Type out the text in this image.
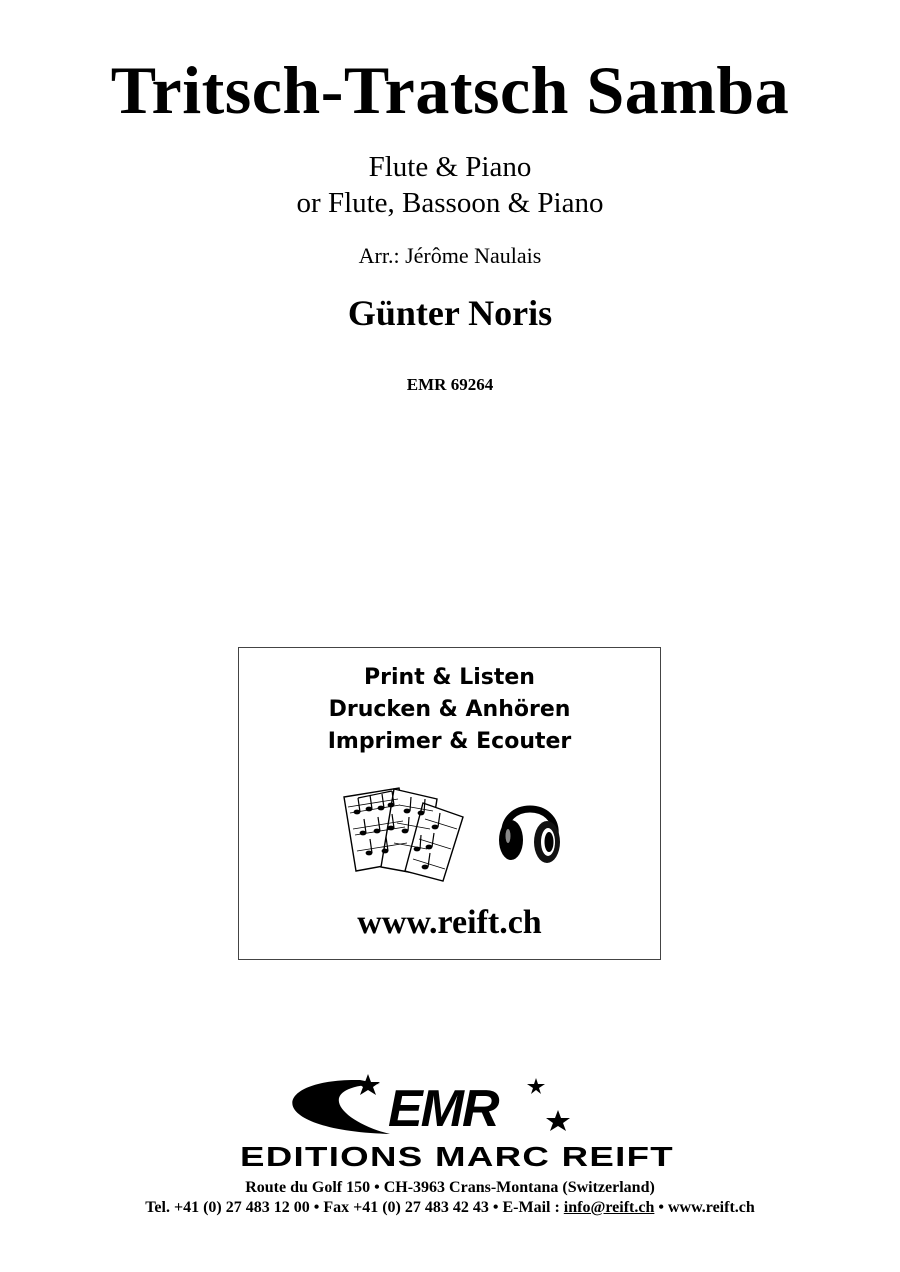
Tritsch-Tratsch Samba
Flute & Piano
or Flute, Bassoon & Piano
Arr.: Jérôme Naulais
Günter Noris
EMR 69264
Print & Listen
Drucken & Anhören
Imprimer & Ecouter
www.reift.ch
EMR
EDITIONS MARC REIFT
Route du Golf 150 • CH-3963 Crans-Montana (Switzerland)
Tel. +41 (0) 27 483 12 00 • Fax +41 (0) 27 483 42 43 • E-Mail : info@reift.ch • www.reift.ch
